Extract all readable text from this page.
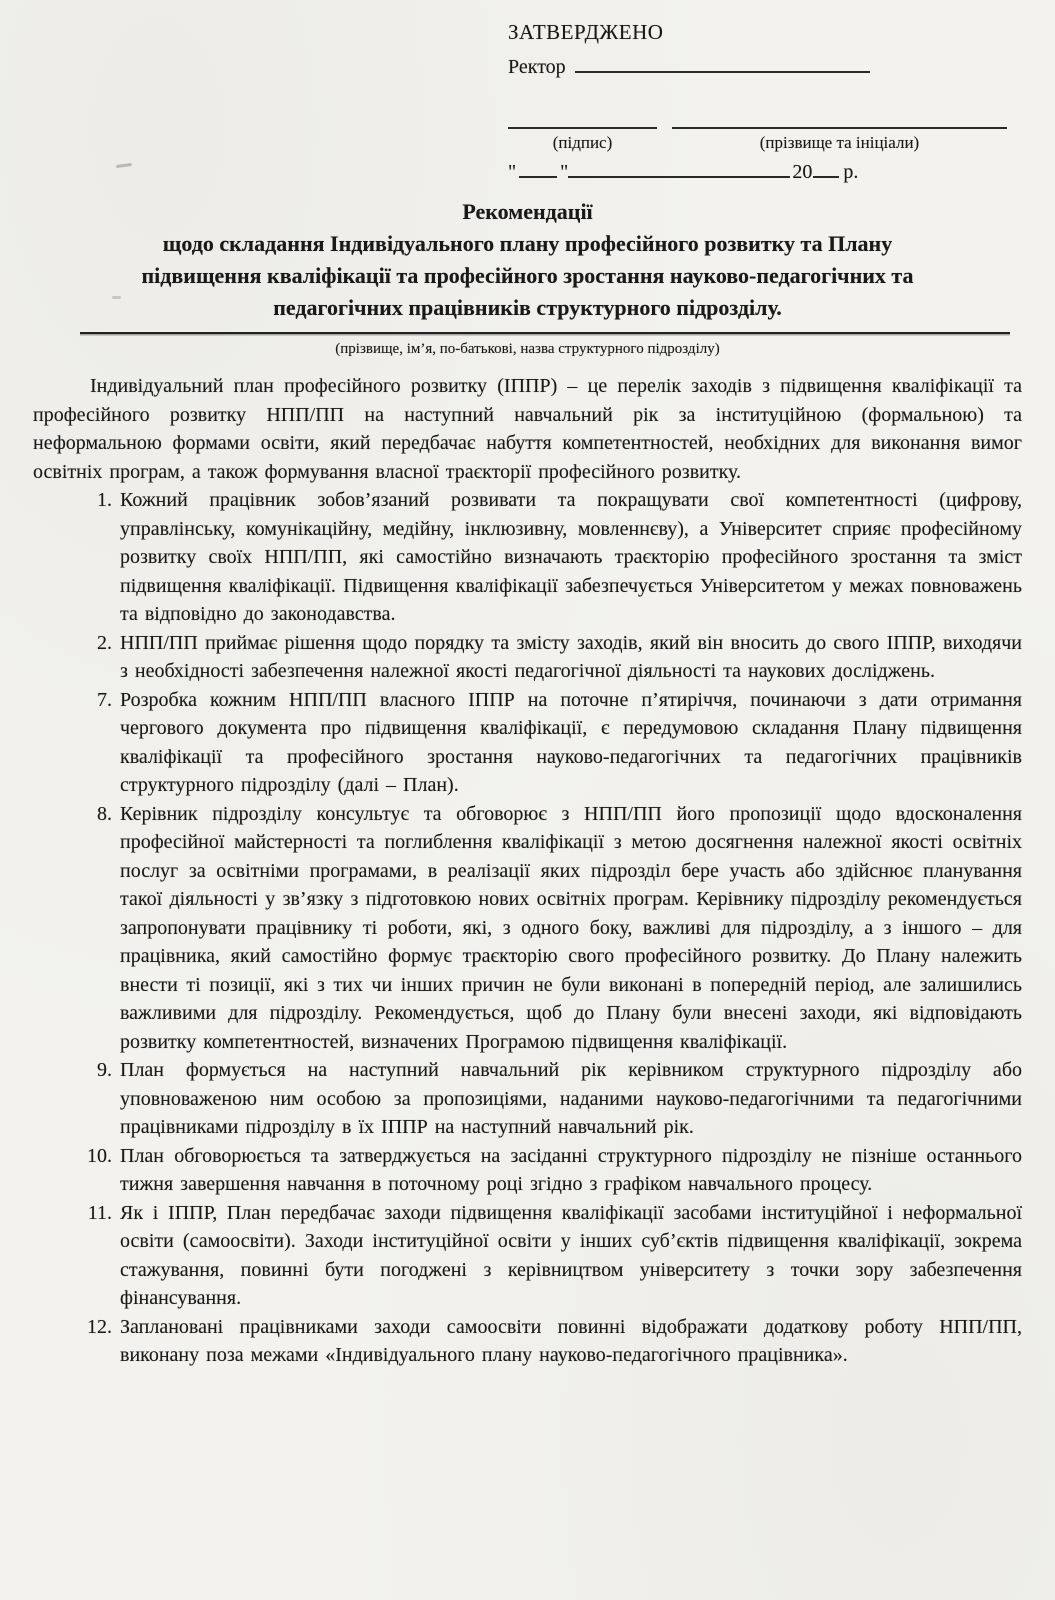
ЗАТВЕРДЖЕНО
Ректор
(підпис)	(прізвище та ініціали)
" "	20 р.
Рекомендації
щодо складання Індивідуального плану професійного розвитку та Плану
підвищення кваліфікації та професійного зростання науково-педагогічних та
педагогічних працівників структурного підрозділу.
(прізвище, ім’я, по-батькові, назва структурного підрозділу)
Індивідуальний план професійного розвитку (ІППР) – це перелік заходів з підвищення кваліфікації та професійного розвитку НПП/ПП на наступний навчальний рік за інституційною (формальною) та неформальною формами освіти, який передбачає набуття компетентностей, необхідних для виконання вимог освітніх програм, а також формування власної траєкторії професійного розвитку.
1. Кожний працівник зобов’язаний розвивати та покращувати свої компетентності (цифрову, управлінську, комунікаційну, медійну, інклюзивну, мовленнєву), а Університет сприяє професійному розвитку своїх НПП/ПП, які самостійно визначають траєкторію професійного зростання та зміст підвищення кваліфікації. Підвищення кваліфікації забезпечується Університетом у межах повноважень та відповідно до законодавства.
2. НПП/ПП приймає рішення щодо порядку та змісту заходів, який він вносить до свого ІППР, виходячи з необхідності забезпечення належної якості педагогічної діяльності та наукових досліджень.
7. Розробка кожним НПП/ПП власного ІППР на поточне п’ятиріччя, починаючи з дати отримання чергового документа про підвищення кваліфікації, є передумовою складання Плану підвищення кваліфікації та професійного зростання науково-педагогічних та педагогічних працівників структурного підрозділу (далі – План).
8. Керівник підрозділу консультує та обговорює з НПП/ПП його пропозиції щодо вдосконалення професійної майстерності та поглиблення кваліфікації з метою досягнення належної якості освітніх послуг за освітніми програмами, в реалізації яких підрозділ бере участь або здійснює планування такої діяльності у зв’язку з підготовкою нових освітніх програм. Керівнику підрозділу рекомендується запропонувати працівнику ті роботи, які, з одного боку, важливі для підрозділу, а з іншого – для працівника, який самостійно формує траєкторію свого професійного розвитку. До Плану належить внести ті позиції, які з тих чи інших причин не були виконані в попередній період, але залишились важливими для підрозділу. Рекомендується, щоб до Плану були внесені заходи, які відповідають розвитку компетентностей, визначених Програмою підвищення кваліфікації.
9. План формується на наступний навчальний рік керівником структурного підрозділу або уповноваженою ним особою за пропозиціями, наданими науково-педагогічними та педагогічними працівниками підрозділу в їх ІППР на наступний навчальний рік.
10. План обговорюється та затверджується на засіданні структурного підрозділу не пізніше останнього тижня завершення навчання в поточному році згідно з графіком навчального процесу.
11. Як і ІППР, План передбачає заходи підвищення кваліфікації засобами інституційної і неформальної освіти (самоосвіти). Заходи інституційної освіти у інших суб’єктів підвищення кваліфікації, зокрема стажування, повинні бути погоджені з керівництвом університету з точки зору забезпечення фінансування.
12. Заплановані працівниками заходи самоосвіти повинні відображати додаткову роботу НПП/ПП, виконану поза межами «Індивідуального плану науково-педагогічного працівника».
